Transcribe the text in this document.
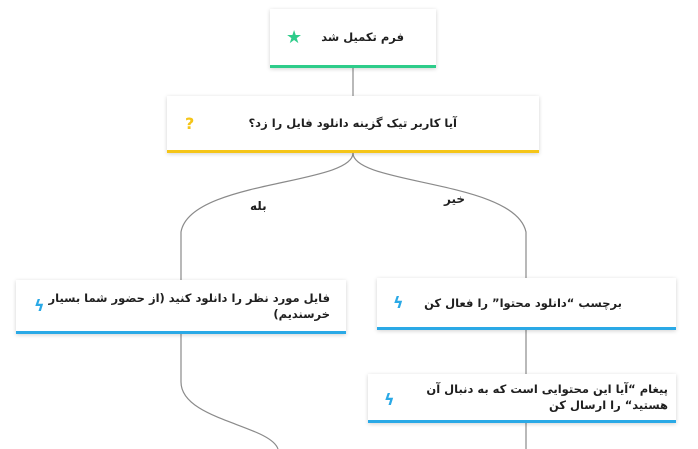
فرم تکمیل شد
★
آیا کاربر تیک گزینه دانلود فایل را زد؟
?
بله	خیر
فایل مورد نظر را دانلود کنید (از حضور شما بسیار خرسندیم)
ϟ	برچسب “دانلود محتوا” را فعال کن
ϟ
پیغام “آیا این محتوایی است که به دنبال آن هستید“ را ارسال کن
ϟ
